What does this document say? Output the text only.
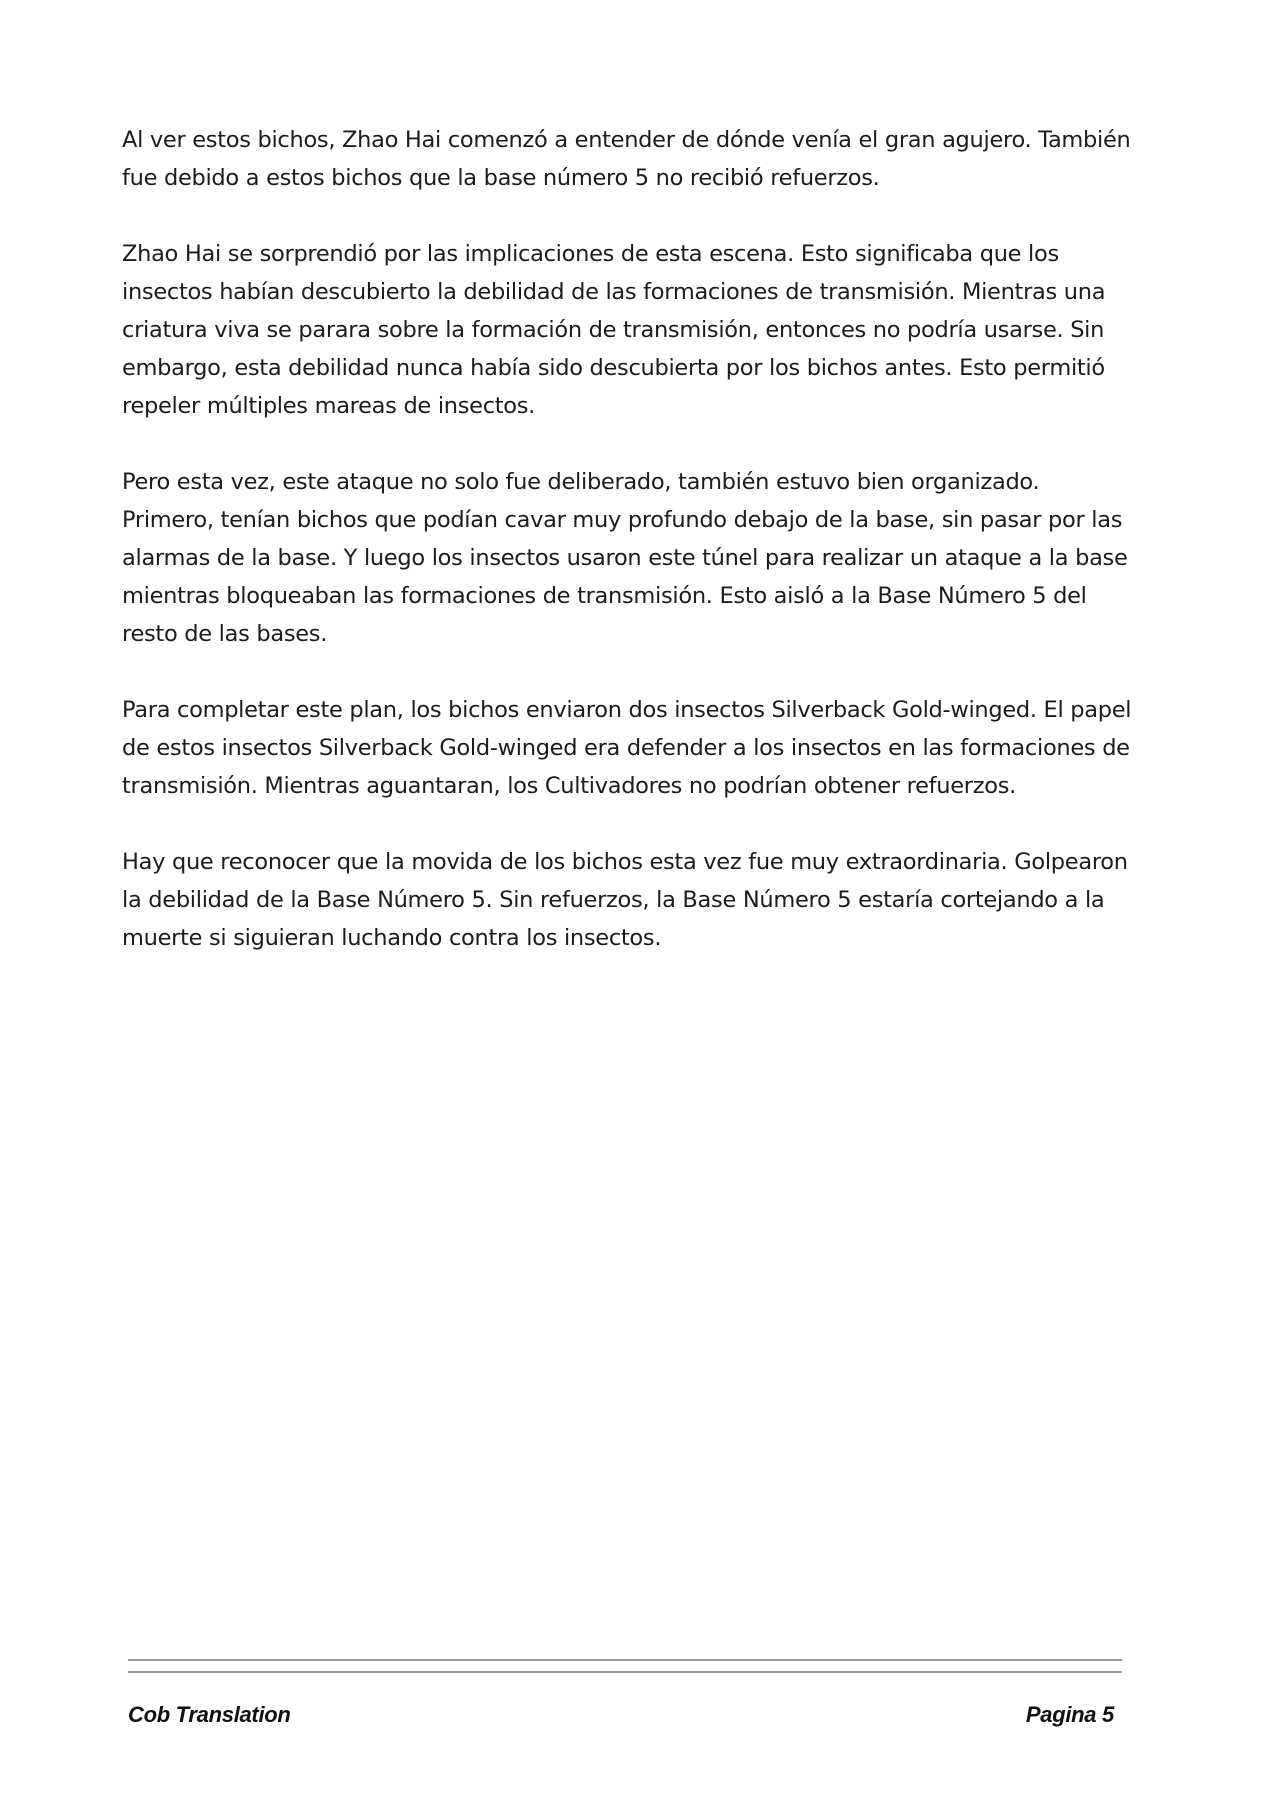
Al ver estos bichos, Zhao Hai comenzó a entender de dónde venía el gran agujero. También fue debido a estos bichos que la base número 5 no recibió refuerzos.

Zhao Hai se sorprendió por las implicaciones de esta escena. Esto significaba que los insectos habían descubierto la debilidad de las formaciones de transmisión. Mientras una criatura viva se parara sobre la formación de transmisión, entonces no podría usarse. Sin embargo, esta debilidad nunca había sido descubierta por los bichos antes. Esto permitió repeler múltiples mareas de insectos.

Pero esta vez, este ataque no solo fue deliberado, también estuvo bien organizado. Primero, tenían bichos que podían cavar muy profundo debajo de la base, sin pasar por las alarmas de la base. Y luego los insectos usaron este túnel para realizar un ataque a la base mientras bloqueaban las formaciones de transmisión. Esto aisló a la Base Número 5 del resto de las bases.

Para completar este plan, los bichos enviaron dos insectos Silverback Gold-winged. El papel de estos insectos Silverback Gold-winged era defender a los insectos en las formaciones de transmisión. Mientras aguantaran, los Cultivadores no podrían obtener refuerzos.

Hay que reconocer que la movida de los bichos esta vez fue muy extraordinaria. Golpearon la debilidad de la Base Número 5. Sin refuerzos, la Base Número 5 estaría cortejando a la muerte si siguieran luchando contra los insectos.

Cob Translation	Pagina 5
